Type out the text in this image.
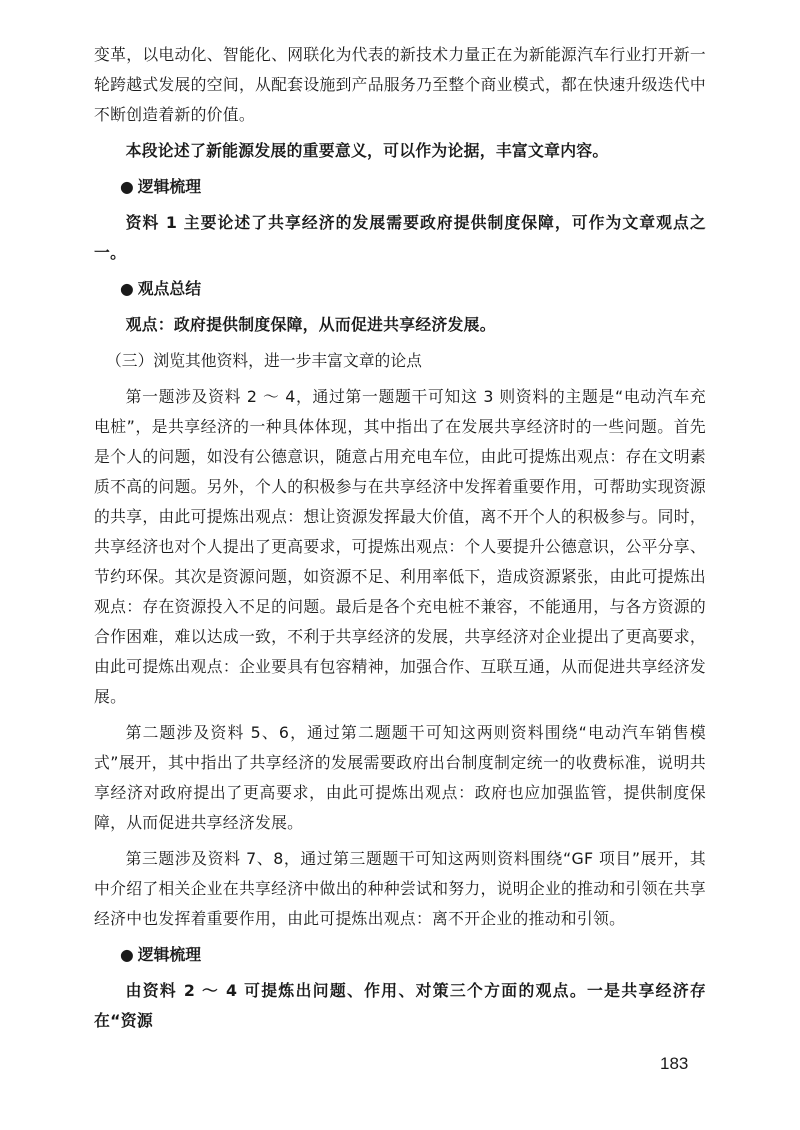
变革，以电动化、智能化、网联化为代表的新技术力量正在为新能源汽车行业打开新一轮跨越式发展的空间，从配套设施到产品服务乃至整个商业模式，都在快速升级迭代中不断创造着新的价值。

本段论述了新能源发展的重要意义，可以作为论据，丰富文章内容。

● 逻辑梳理

资料 1 主要论述了共享经济的发展需要政府提供制度保障，可作为文章观点之一。

● 观点总结

观点：政府提供制度保障，从而促进共享经济发展。

（三）浏览其他资料，进一步丰富文章的论点

第一题涉及资料 2 ～ 4，通过第一题题干可知这 3 则资料的主题是“电动汽车充电桩”，是共享经济的一种具体体现，其中指出了在发展共享经济时的一些问题。首先是个人的问题，如没有公德意识，随意占用充电车位，由此可提炼出观点：存在文明素质不高的问题。另外，个人的积极参与在共享经济中发挥着重要作用，可帮助实现资源的共享，由此可提炼出观点：想让资源发挥最大价值，离不开个人的积极参与。同时，共享经济也对个人提出了更高要求，可提炼出观点：个人要提升公德意识，公平分享、节约环保。其次是资源问题，如资源不足、利用率低下，造成资源紧张，由此可提炼出观点：存在资源投入不足的问题。最后是各个充电桩不兼容，不能通用，与各方资源的合作困难，难以达成一致，不利于共享经济的发展，共享经济对企业提出了更高要求，由此可提炼出观点：企业要具有包容精神，加强合作、互联互通，从而促进共享经济发展。

第二题涉及资料 5、6，通过第二题题干可知这两则资料围绕“电动汽车销售模式”展开，其中指出了共享经济的发展需要政府出台制度制定统一的收费标准，说明共享经济对政府提出了更高要求，由此可提炼出观点：政府也应加强监管，提供制度保障，从而促进共享经济发展。

第三题涉及资料 7、8，通过第三题题干可知这两则资料围绕“GF 项目”展开，其中介绍了相关企业在共享经济中做出的种种尝试和努力，说明企业的推动和引领在共享经济中也发挥着重要作用，由此可提炼出观点：离不开企业的推动和引领。

● 逻辑梳理

由资料 2 ～ 4 可提炼出问题、作用、对策三个方面的观点。一是共享经济存在“资源

183
